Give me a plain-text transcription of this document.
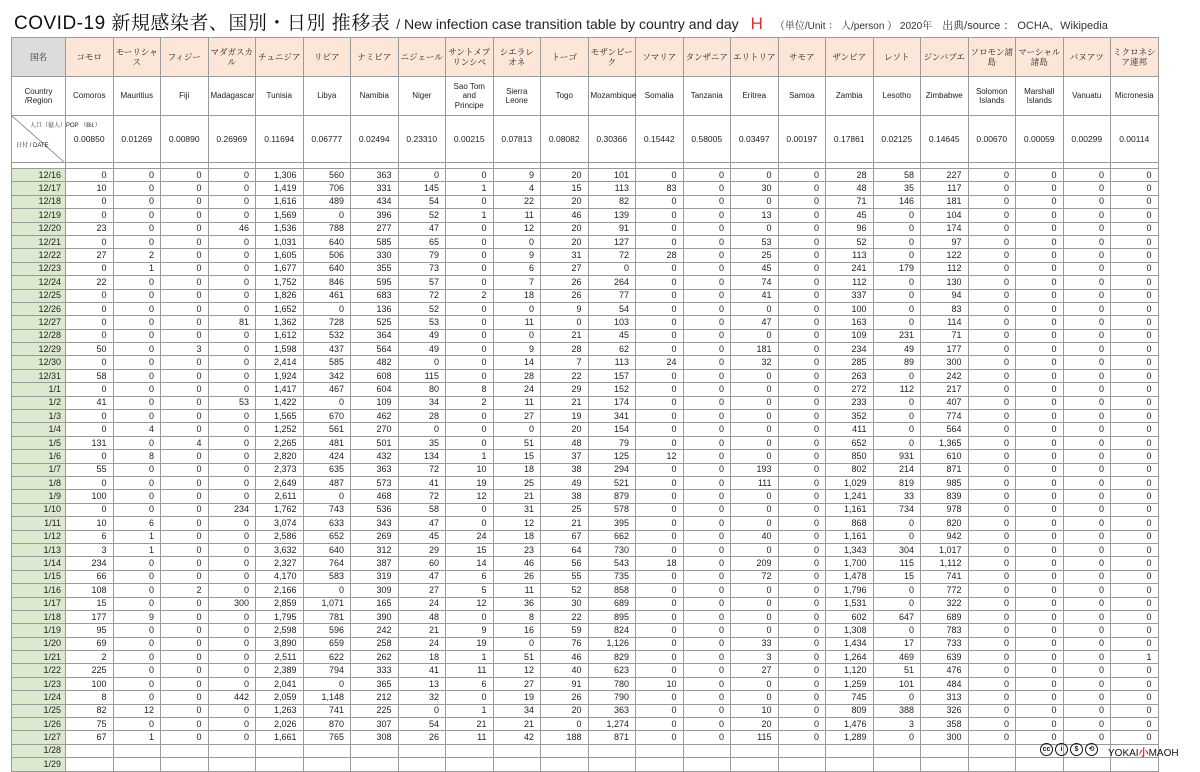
COVID-19 新規感染者、国別・日別 推移表 / New infection case transition table by country and day H （単位/Unit ： 人/person ） 2020年 出典/source ： OCHA、Wikipedia
国名	コモロ	モーリシャス	フィジー	マダガスカル	チュニジア	リビア	ナミビア	ニジェール	サントメプリンシペ	シエラレオネ	トーゴ	モザンビーク	ソマリア	タンザニア	エリトリア	サモア	ザンビア	レソト	ジンバブエ	ソロモン諸島	マーシャル諸島	バヌアツ	ミクロネシア連邦
Country /Region	Comoros	Mauritius	Fiji	Madagascar	Tunisia	Libya	Namibia	Niger	Sao Tom and Principe	Sierra Leone	Togo	Mozambique	Somalia	Tanzania	Eritrea	Samoa	Zambia	Lesotho	Zimbabwe	Solomon Islands	Marshall Islands	Vanuatu	Micronesia

人口（億人）POP （Bil.）
日付 / DATE	0.00850	0.01269	0.00890	0.26969	0.11694	0.06777	0.02494	0.23310	0.00215	0.07813	0.08082	0.30366	0.15442	0.58005	0.03497	0.00197	0.17861	0.02125	0.14645	0.00670	0.00059	0.00299	0.00114

12/16	0	0	0	0	1,306	560	363	0	0	9	20	101	0	0	0	0	28	58	227	0	0	0	0
12/17	10	0	0	0	1,419	706	331	145	1	4	15	113	83	0	30	0	48	35	117	0	0	0	0
12/18	0	0	0	0	1,616	489	434	54	0	22	20	82	0	0	0	0	71	146	181	0	0	0	0
12/19	0	0	0	0	1,569	0	396	52	1	11	46	139	0	0	13	0	45	0	104	0	0	0	0
12/20	23	0	0	46	1,536	788	277	47	0	12	20	91	0	0	0	0	96	0	174	0	0	0	0
12/21	0	0	0	0	1,031	640	585	65	0	0	20	127	0	0	53	0	52	0	97	0	0	0	0
12/22	27	2	0	0	1,605	506	330	79	0	9	31	72	28	0	25	0	113	0	122	0	0	0	0
12/23	0	1	0	0	1,677	640	355	73	0	6	27	0	0	0	45	0	241	179	112	0	0	0	0
12/24	22	0	0	0	1,752	846	595	57	0	7	26	264	0	0	74	0	112	0	130	0	0	0	0
12/25	0	0	0	0	1,826	461	683	72	2	18	26	77	0	0	41	0	337	0	94	0	0	0	0
12/26	0	0	0	0	1,652	0	136	52	0	0	9	54	0	0	0	0	100	0	83	0	0	0	0
12/27	0	0	0	81	1,362	728	525	53	0	11	0	103	0	0	47	0	163	0	114	0	0	0	0
12/28	0	0	0	0	1,612	532	364	49	0	0	21	45	0	0	0	0	109	231	71	0	0	0	0
12/29	50	0	3	0	1,598	437	564	49	0	9	28	62	0	0	181	0	234	49	177	0	0	0	0
12/30	0	0	0	0	2,414	585	482	0	0	14	7	113	24	0	32	0	285	89	300	0	0	0	0
12/31	58	0	0	0	1,924	342	608	115	0	28	22	157	0	0	0	0	263	0	242	0	0	0	0
1/1	0	0	0	0	1,417	467	604	80	8	24	29	152	0	0	0	0	272	112	217	0	0	0	0
1/2	41	0	0	53	1,422	0	109	34	2	11	21	174	0	0	0	0	233	0	407	0	0	0	0
1/3	0	0	0	0	1,565	670	462	28	0	27	19	341	0	0	0	0	352	0	774	0	0	0	0
1/4	0	4	0	0	1,252	561	270	0	0	0	20	154	0	0	0	0	411	0	564	0	0	0	0
1/5	131	0	4	0	2,265	481	501	35	0	51	48	79	0	0	0	0	652	0	1,365	0	0	0	0
1/6	0	8	0	0	2,820	424	432	134	1	15	37	125	12	0	0	0	850	931	610	0	0	0	0
1/7	55	0	0	0	2,373	635	363	72	10	18	38	294	0	0	193	0	802	214	871	0	0	0	0
1/8	0	0	0	0	2,649	487	573	41	19	25	49	521	0	0	111	0	1,029	819	985	0	0	0	0
1/9	100	0	0	0	2,611	0	468	72	12	21	38	879	0	0	0	0	1,241	33	839	0	0	0	0
1/10	0	0	0	234	1,762	743	536	58	0	31	25	578	0	0	0	0	1,161	734	978	0	0	0	0
1/11	10	6	0	0	3,074	633	343	47	0	12	21	395	0	0	0	0	868	0	820	0	0	0	0
1/12	6	1	0	0	2,586	652	269	45	24	18	67	662	0	0	40	0	1,161	0	942	0	0	0	0
1/13	3	1	0	0	3,632	640	312	29	15	23	64	730	0	0	0	0	1,343	304	1,017	0	0	0	0
1/14	234	0	0	0	2,327	764	387	60	14	46	56	543	18	0	209	0	1,700	115	1,112	0	0	0	0
1/15	66	0	0	0	4,170	583	319	47	6	26	55	735	0	0	72	0	1,478	15	741	0	0	0	0
1/16	108	0	2	0	2,166	0	309	27	5	11	52	858	0	0	0	0	1,796	0	772	0	0	0	0
1/17	15	0	0	300	2,859	1,071	165	24	12	36	30	689	0	0	0	0	1,531	0	322	0	0	0	0
1/18	177	9	0	0	1,795	781	390	48	0	8	22	895	0	0	0	0	602	647	689	0	0	0	0
1/19	95	0	0	0	2,598	596	242	21	9	16	59	824	0	0	0	0	1,308	0	783	0	0	0	0
1/20	69	0	0	0	3,890	659	258	24	19	0	76	1,126	0	0	33	0	1,434	17	733	0	0	0	0
1/21	2	0	0	0	2,511	622	262	18	1	51	46	829	0	0	3	0	1,264	469	639	0	0	0	1
1/22	225	0	0	0	2,389	794	333	41	11	12	40	623	0	0	27	0	1,120	51	476	0	0	0	0
1/23	100	0	0	0	2,041	0	365	13	6	27	91	780	10	0	0	0	1,259	101	484	0	0	0	0
1/24	8	0	0	442	2,059	1,148	212	32	0	19	26	790	0	0	0	0	745	0	313	0	0	0	0
1/25	82	12	0	0	1,263	741	225	0	1	34	20	363	0	0	10	0	809	388	326	0	0	0	0
1/26	75	0	0	0	2,026	870	307	54	21	21	0	1,274	0	0	20	0	1,476	3	358	0	0	0	0
1/27	67	1	0	0	1,661	765	308	26	11	42	188	871	0	0	115	0	1,289	0	300	0	0	0	0
1/28																							
1/29																							
cc	i	$	⟲	YOKAI小MAOH
